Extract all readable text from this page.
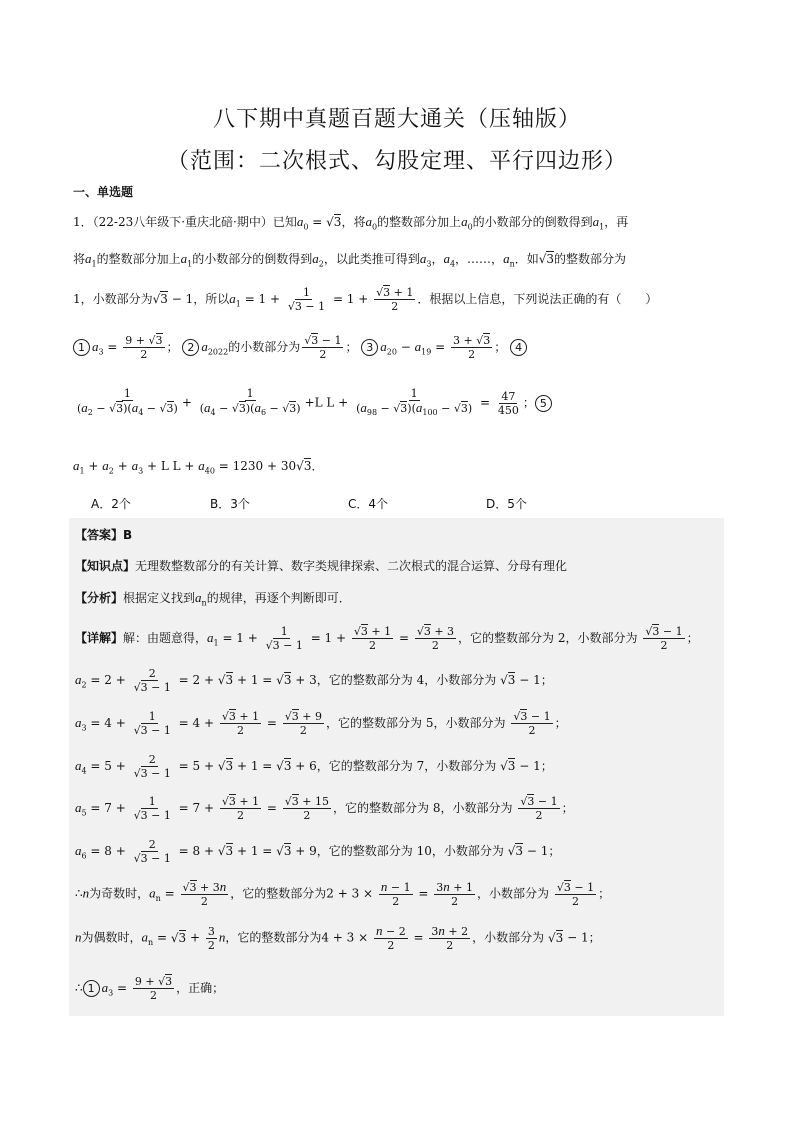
八下期中真题百题大通关（压轴版）
（范围：二次根式、勾股定理、平行四边形）
一、单选题
1．（22-23八年级下·重庆北碚·期中）已知$a_0$ = √ 3，将$a_0$的整数部分加上$a_0$的小数部分的倒数得到$a_1$，再
将$a_1$的整数部分加上$a_1$的小数部分的倒数得到$a_2$，以此类推可得到$a_3$，$a_4$，……，$a_n$．如√ 3的整数部分为
1，小数部分为√ 3 − 1，所以$a_1 = 1 + 1$
√ 3 − 1 = 1 +
√ $\frac{3 + 1}{2}$ ．根据以上信息，下列说法正确的有（　　）
1 $a_3 = \frac{9 + √ 3}{2}$ ； 2 $a_{2022}$的小数部分为
√ $\frac{3 - 1}{2}$ ； 3 $a_{20} - a_{19} = \frac{3 + √ 3}{2}$ ； 4
$\frac{1}{(a_2 - √ 3)(a_4 - √ 3)} + \frac{1}{(a_4 - √ 3)(a_6 - √ 3)} +L$ $L + \frac{1}{(a_{98} - √ 3)(a_{100} - √ 3)} = \frac{47}{450}$ ； 5
$a_1 + a_2 + a_3 + L$ $L + a_{40} = 1230 + 30√$ 3．
A．2个	B．3个	C．4个	D．5个
【答案】B
【知识点】无理数整数部分的有关计算、数字类规律探索、二次根式的混合运算、分母有理化
【分析】根据定义找到$a_n$的规律，再逐个判断即可．
【详解】解：由题意得，$a_1 = 1 + 1$
√ 3 − 1 = 1 +
√ $\frac{3 + 1}{2}$ =
√ $\frac{3 + 3}{2}$ ，它的整数部分为 2，小数部分为
√ $\frac{3 - 1}{2}$ ；
$a_2 = 2 + 2$
√ 3 − 1 = 2 + √ 3 + 1 = √ 3 + 3，它的整数部分为 4，小数部分为 √ 3 − 1；
$a_3 = 4 + 1$
√ 3 − 1 = 4 +
√ $\frac{3 + 1}{2}$ =
√ $\frac{3 + 9}{2}$ ，它的整数部分为 5，小数部分为
√ $\frac{3 - 1}{2}$ ；
$a_4 = 5 + 2$
√ 3 − 1 = 5 + √ 3 + 1 = √ 3 + 6，它的整数部分为 7，小数部分为 √ 3 − 1；
$a_5 = 7 + 1$
√ 3 − 1 = 7 +
√ $\frac{3 + 1}{2}$ =
√ $\frac{3 + 15}{2}$ ，它的整数部分为 8，小数部分为
√ $\frac{3 - 1}{2}$ ；
$a_6 = 8 + 2$
√ 3 − 1 = 8 + √ 3 + 1 = √ 3 + 9，它的整数部分为 10，小数部分为 √ 3 − 1；
∴n为奇数时，$a_n$ =
√ $\frac{3 + 3n}{2}$ ，它的整数部分为$2 + 3 \times \frac{n - 1}{2} = \frac{3n + 1}{2}$ ，小数部分为
√ $\frac{3 - 1}{2}$ ；
n为偶数时，$a_n$ = √ $3 + \frac{3}{2}$ n，它的整数部分为$4 + 3 \times \frac{n - 2}{2} = \frac{3n + 2}{2}$ ，小数部分为 √ 3 − 1；
∴ 1 $a_3 = \frac{9 + √ 3}{2}$ ，正确；
